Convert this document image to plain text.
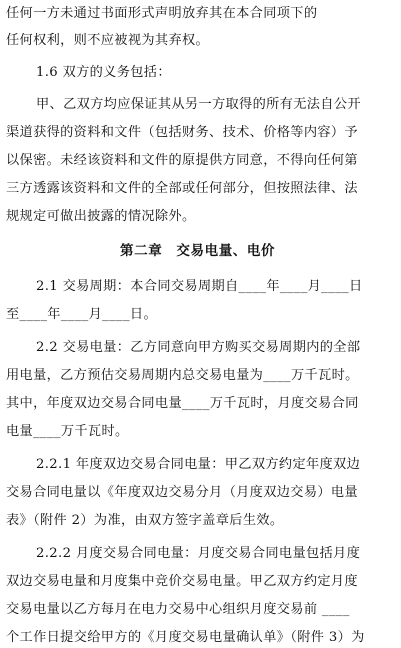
任何一方未通过书面形式声明放弃其在本合同项下的
任何权利，则不应被视为其弃权。
1.6 双方的义务包括：
甲、乙双方均应保证其从另一方取得的所有无法自公开
渠道获得的资料和文件（包括财务、技术、价格等内容）予
以保密。未经该资料和文件的原提供方同意，不得向任何第
三方透露该资料和文件的全部或任何部分，但按照法律、法
规规定可做出披露的情况除外。
第二章　交易电量、电价
2.1 交易周期：本合同交易周期自____年____月____日
至____年____月____日。
2.2 交易电量：乙方同意向甲方购买交易周期内的全部
用电量，乙方预估交易周期内总交易电量为____万千瓦时。
其中，年度双边交易合同电量____万千瓦时，月度交易合同
电量____万千瓦时。
2.2.1 年度双边交易合同电量：甲乙双方约定年度双边
交易合同电量以《年度双边交易分月（月度双边交易）电量
表》（附件 2）为准，由双方签字盖章后生效。
2.2.2 月度交易合同电量：月度交易合同电量包括月度
双边交易电量和月度集中竞价交易电量。甲乙双方约定月度
交易电量以乙方每月在电力交易中心组织月度交易前 ____
个工作日提交给甲方的《月度交易电量确认单》（附件 3）为
